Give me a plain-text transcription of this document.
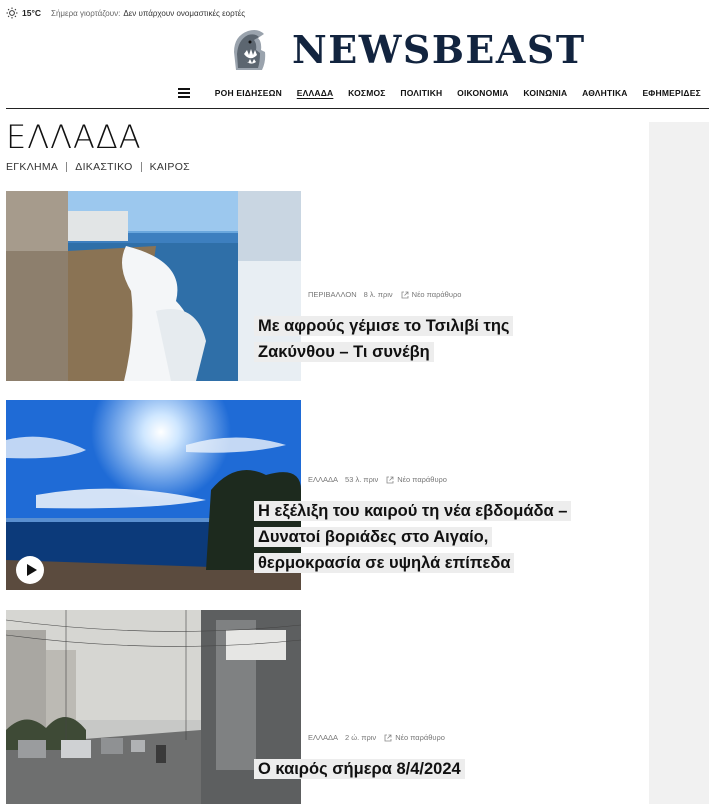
15°C Σήμερα γιορτάζουν: Δεν υπάρχουν ονομαστικές εορτές
NEWSBEAST
ΡΟΗ ΕΙΔΗΣΕΩΝ ΕΛΛΑΔΑ ΚΟΣΜΟΣ ΠΟΛΙΤΙΚΗ ΟΙΚΟΝΟΜΙΑ ΚΟΙΝΩΝΙΑ ΑΘΛΗΤΙΚΑ ΕΦΗΜΕΡΙΔΕΣ
ΕΛΛΑΔΑ
ΕΓΚΛΗΜΑ ΔΙΚΑΣΤΙΚΟ ΚΑΙΡΟΣ
ΠΕΡΙΒΑΛΛΟΝ 8 λ. πριν	Νέο παράθυρο
Με αφρούς γέμισε το Τσιλιβί της
Ζακύνθου – Τι συνέβη
ΕΛΛΑΔΑ 53 λ. πριν	Νέο παράθυρο
Η εξέλιξη του καιρού τη νέα εβδομάδα –
Δυνατοί βοριάδες στο Αιγαίο,
θερμοκρασία σε υψηλά επίπεδα
ΕΛΛΑΔΑ 2 ώ. πριν	Νέο παράθυρο
Ο καιρός σήμερα 8/4/2024
